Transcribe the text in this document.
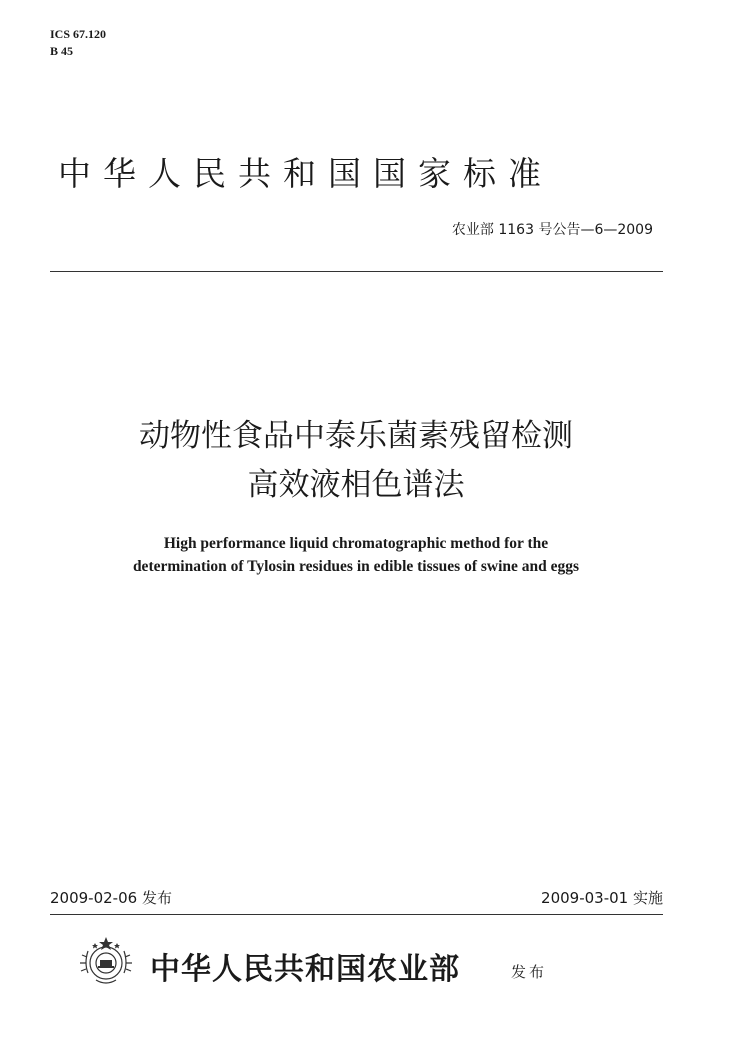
ICS 67.120
B 45
中华人民共和国国家标准
农业部 1163 号公告—6—2009
动物性食品中泰乐菌素残留检测
高效液相色谱法
High performance liquid chromatographic method for the
determination of Tylosin residues in edible tissues of swine and eggs
2009-02-06 发布	2009-03-01 实施
中华人民共和国农业部	发布
